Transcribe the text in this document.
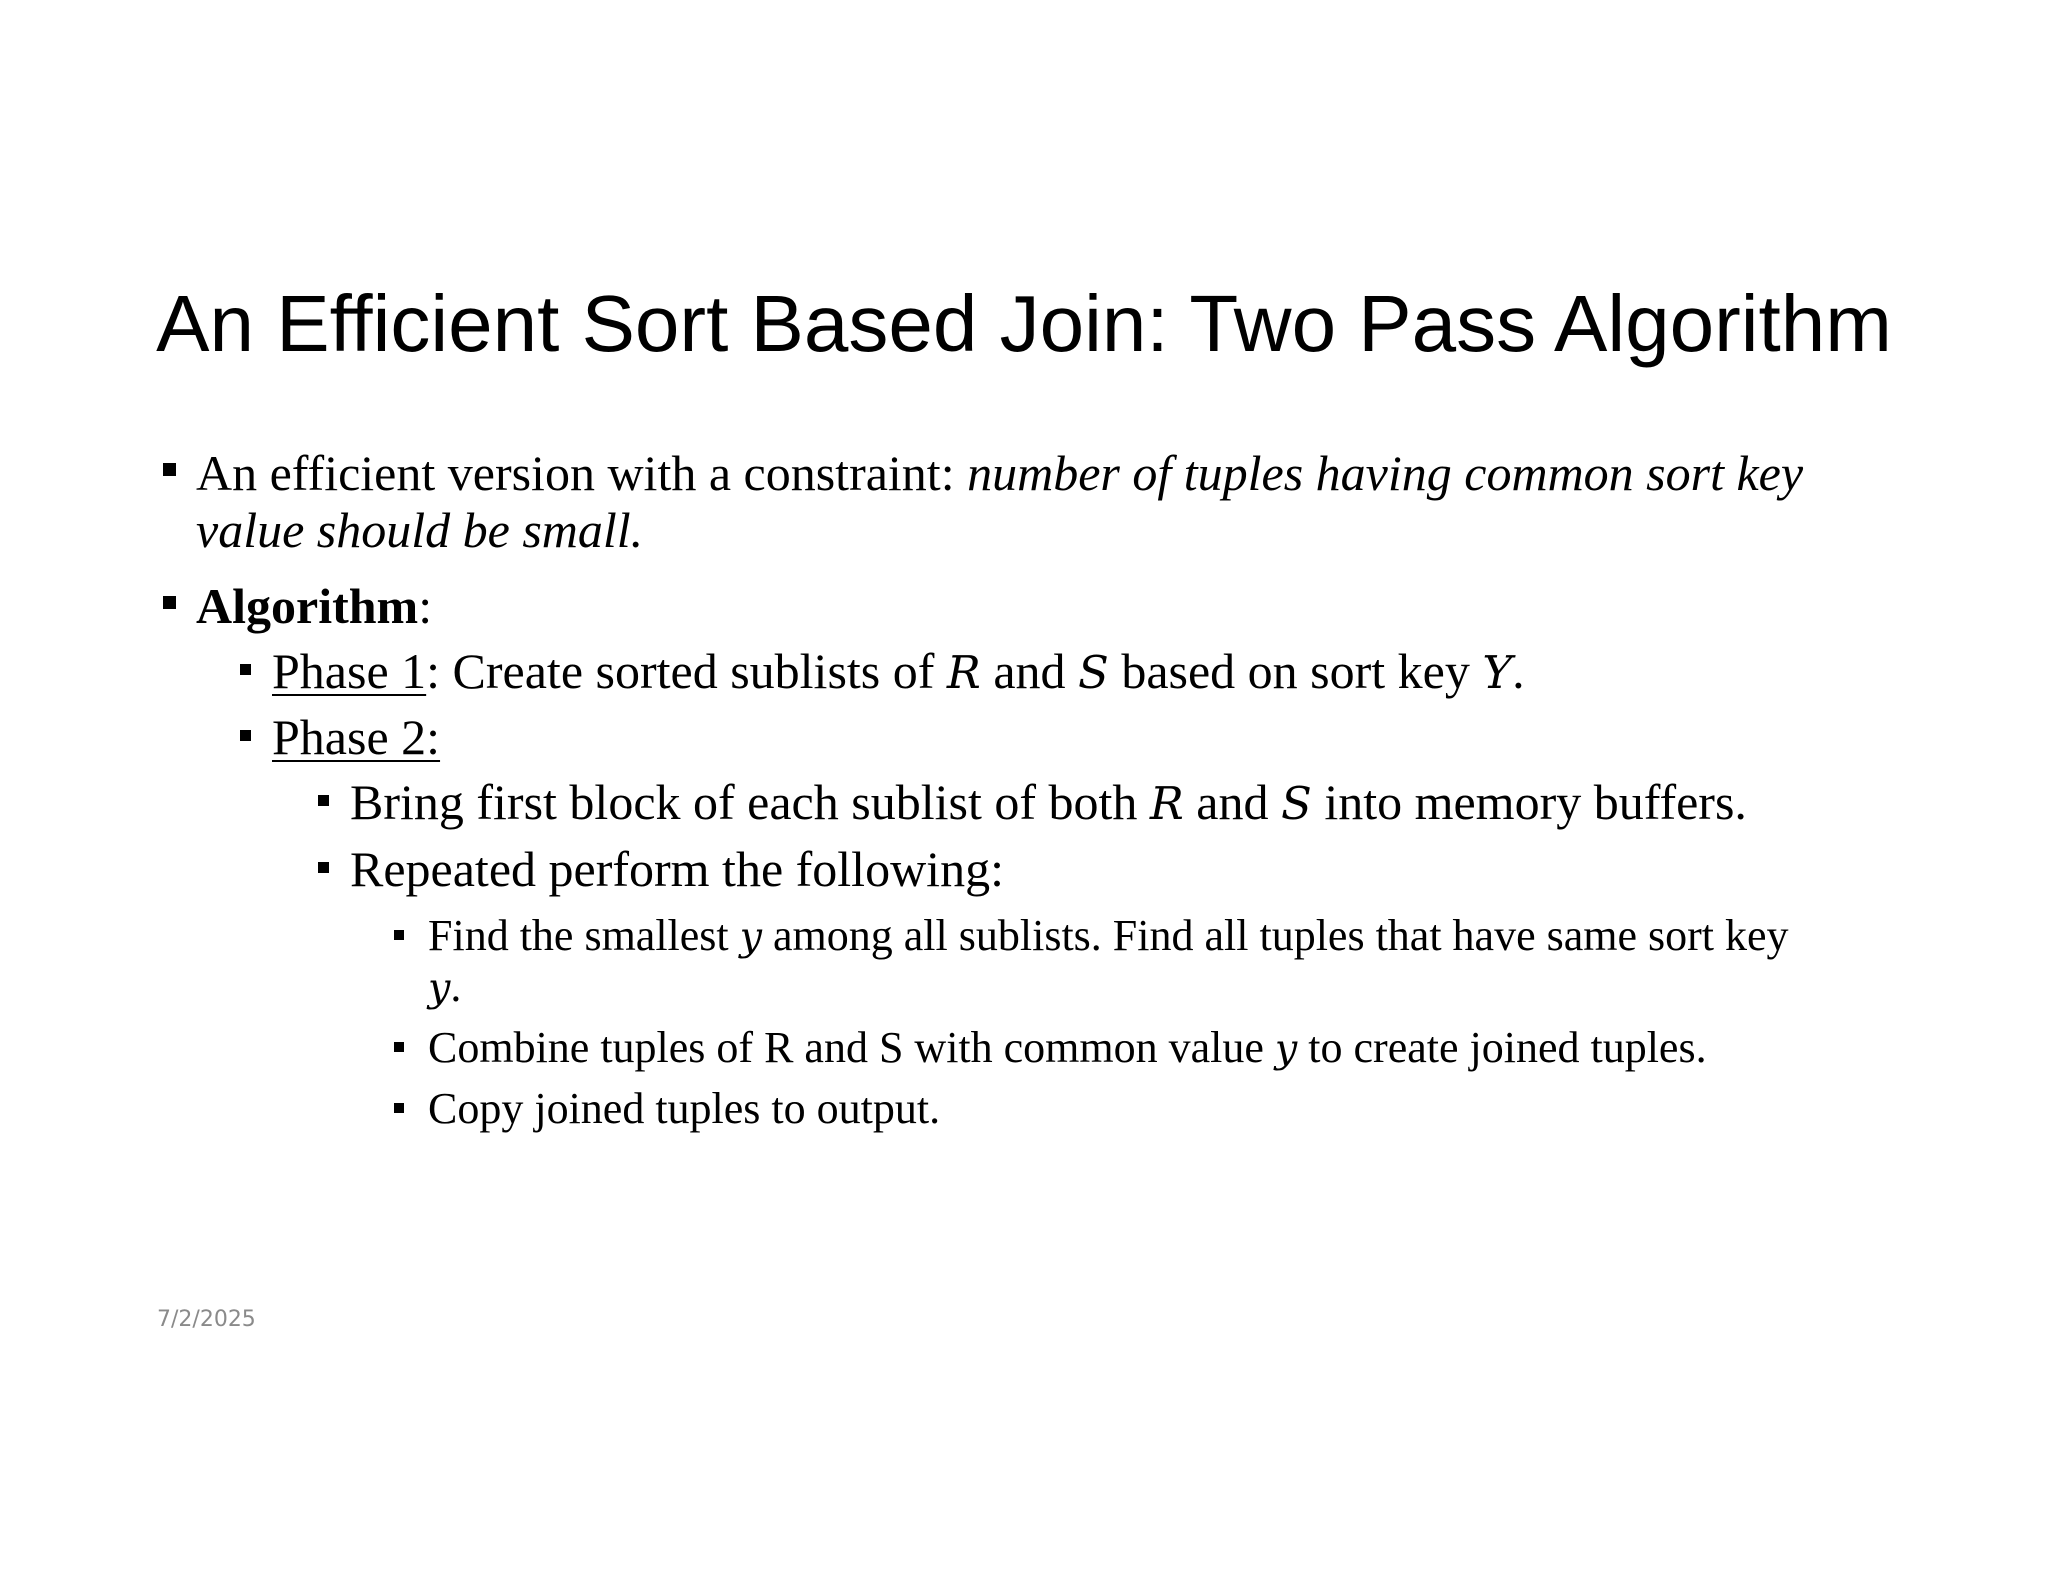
An Efficient Sort Based Join: Two Pass Algorithm
An efficient version with a constraint: number of tuples having common sort key
value should be small.
Algorithm:
Phase 1: Create sorted sublists of R and S based on sort key Y.
Phase 2:
Bring first block of each sublist of both R and S into memory buffers.
Repeated perform the following:
Find the smallest y among all sublists. Find all tuples that have same sort key
y.
Combine tuples of R and S with common value y to create joined tuples.
Copy joined tuples to output.
7/2/2025
